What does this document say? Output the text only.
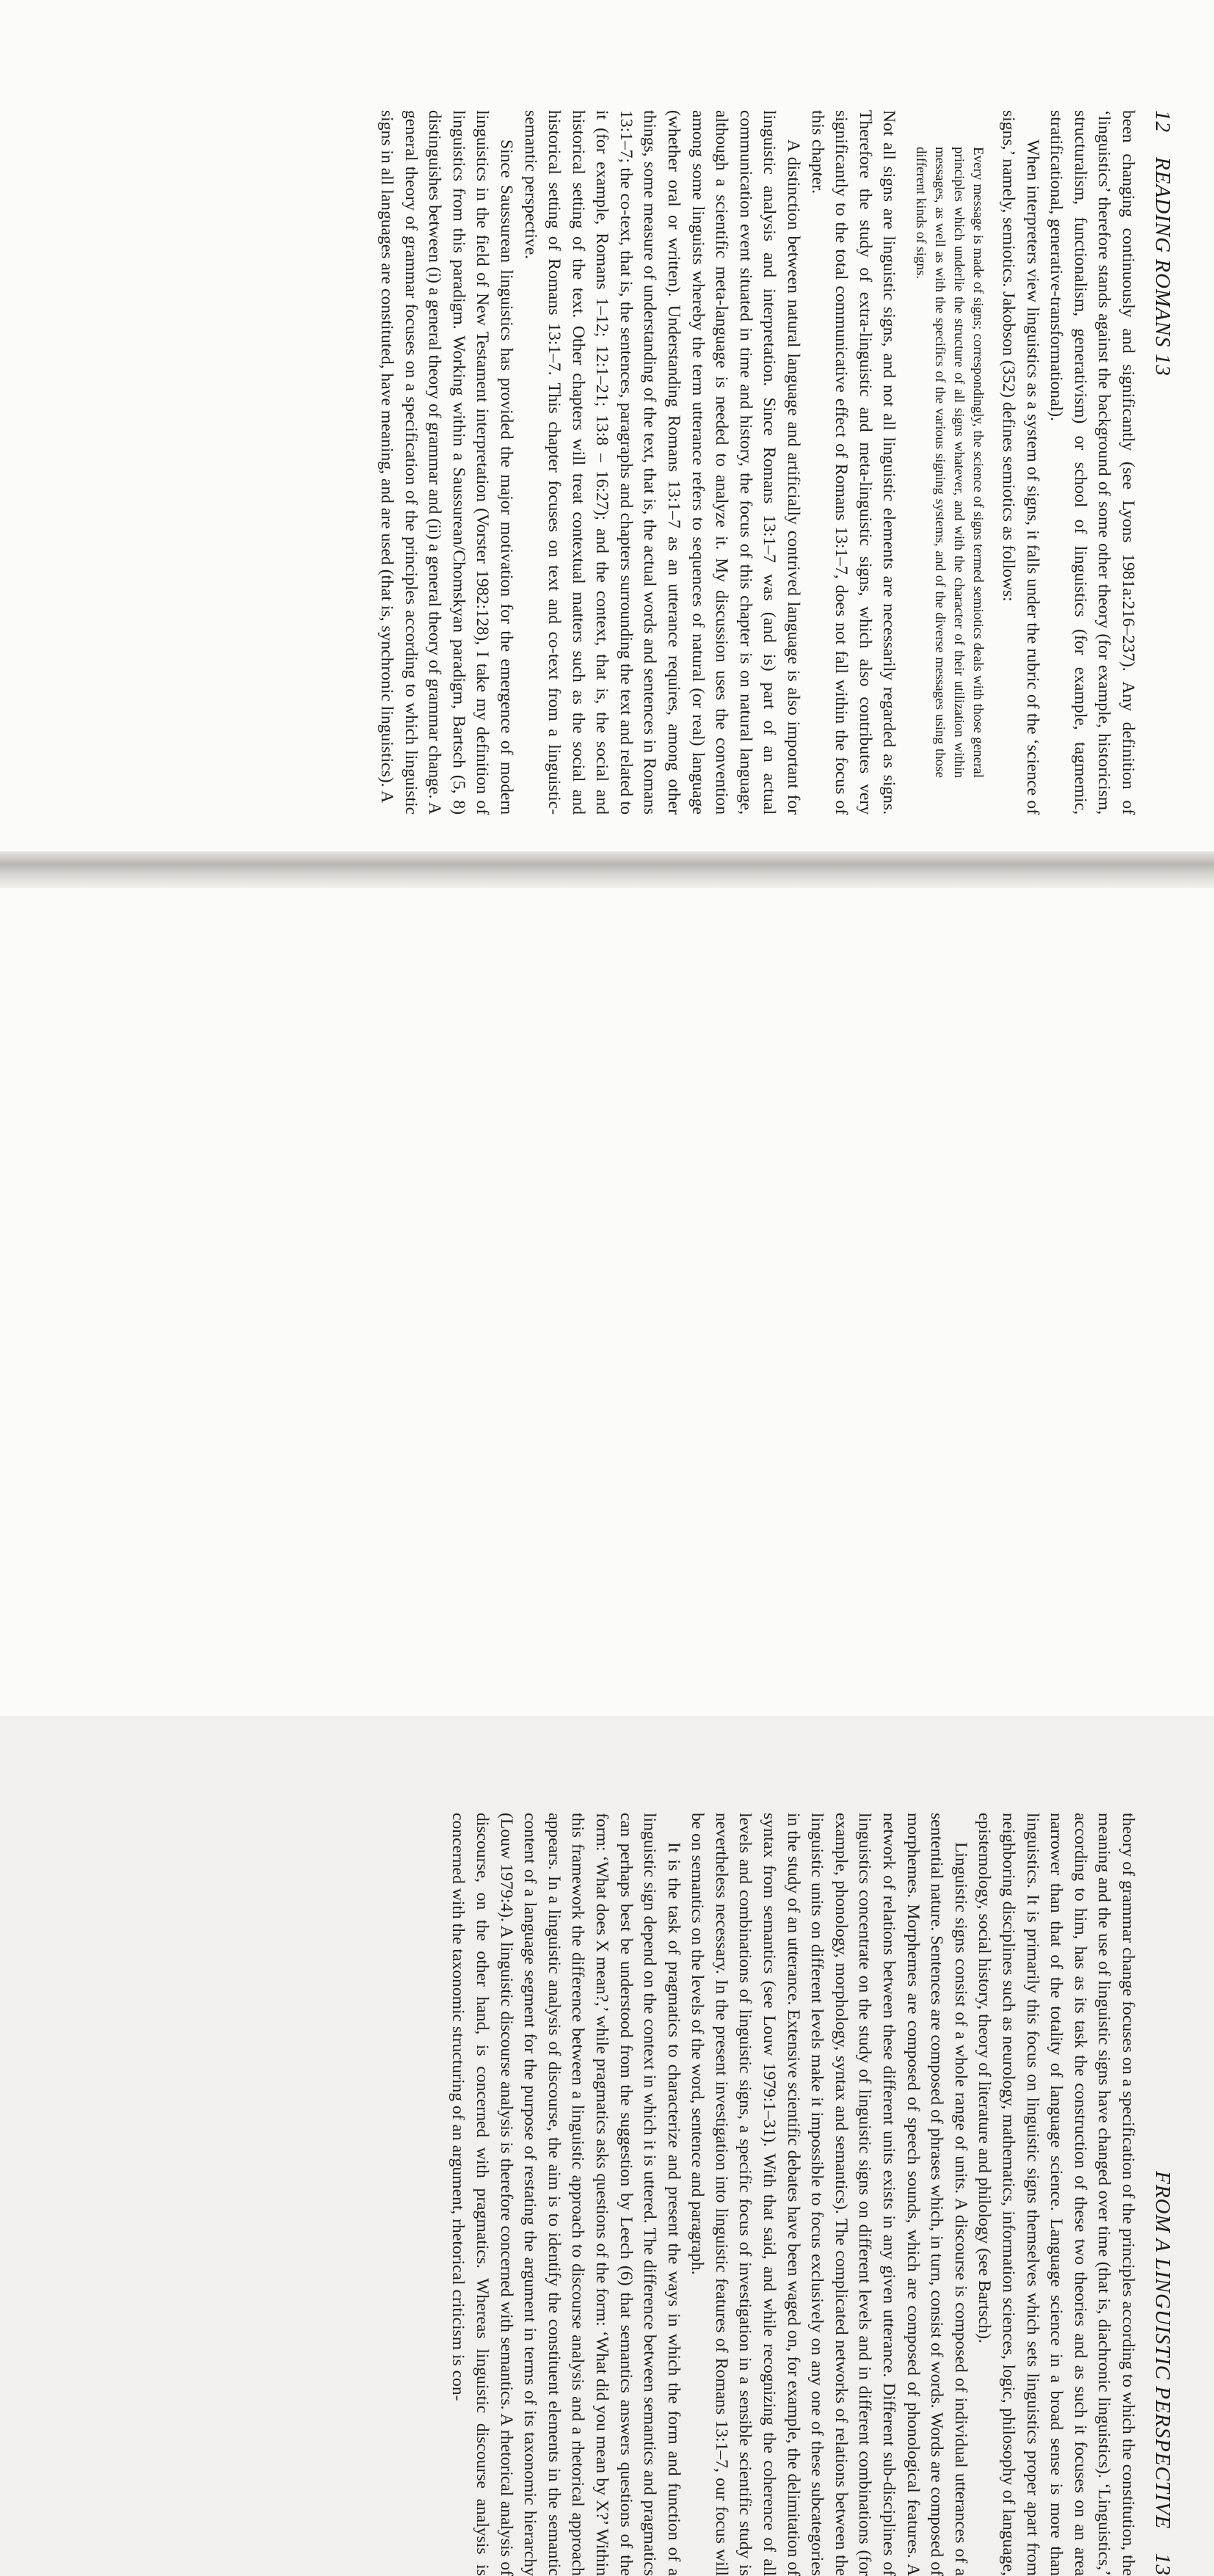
12    READING ROMANS 13

been changing continuously and significantly (see Lyons 1981a:216–237). Any definition of ‘linguistics’ therefore stands against the background of some other theory (for example, historicism, structuralism, functionalism, generativism) or school of linguistics (for example, tagmemic, stratificational, generative-transformational).

When interpreters view linguistics as a system of signs, it falls under the rubric of the ‘science of signs,’ namely, semiotics. Jakobson (352) defines semiotics as follows:

Every message is made of signs; correspondingly, the science of signs termed semiotics deals with those general principles which underlie the structure of all signs whatever, and with the character of their utilization within messages, as well as with the specifics of the various signing systems, and of the diverse messages using those different kinds of signs.

Not all signs are linguistic signs, and not all linguistic elements are necessarily regarded as signs. Therefore the study of extra-linguistic and meta-linguistic signs, which also contributes very significantly to the total communicative effect of Romans 13:1–7, does not fall within the focus of this chapter.

A distinction between natural language and artificially contrived language is also important for linguistic analysis and interpretation. Since Romans 13:1–7 was (and is) part of an actual communication event situated in time and history, the focus of this chapter is on natural language, although a scientific meta-language is needed to analyze it. My discussion uses the convention among some linguists whereby the term utterance refers to sequences of natural (or real) language (whether oral or written). Understanding Romans 13:1–7 as an utterance requires, among other things, some measure of understanding of the text, that is, the actual words and sentences in Romans 13:1–7; the co-text, that is, the sentences, paragraphs and chapters surrounding the text and related to it (for example, Romans 1–12; 12:1–21; 13:8 – 16:27); and the context, that is, the social and historical setting of the text. Other chapters will treat contextual matters such as the social and historical setting of Romans 13:1–7. This chapter focuses on text and co-text from a linguistic-semantic perspective.

Since Saussurean linguistics has provided the major motivation for the emergence of modern linguistics in the field of New Testament interpretation (Vorster 1982:128), I take my definition of linguistics from this paradigm. Working within a Saussurean/Chomskyan paradigm, Bartsch (5, 8) distinguishes between (i) a general theory of grammar and (ii) a general theory of grammar change. A general theory of grammar focuses on a specification of the principles according to which linguistic signs in all languages are constituted, have meaning, and are used (that is, synchronic linguistics). A

FROM A LINGUISTIC PERSPECTIVE    13

theory of grammar change focuses on a specification of the principles according to which the constitution, the meaning and the use of linguistic signs have changed over time (that is, diachronic linguistics). ‘Linguistics,’ according to him, has as its task the construction of these two theories and as such it focuses on an area narrower than that of the totality of language science. Language science in a broad sense is more than linguistics. It is primarily this focus on linguistic signs themselves which sets linguistics proper apart from neighboring disciplines such as neurology, mathematics, information sciences, logic, philosophy of language, epistemology, social history, theory of literature and philology (see Bartsch).

Linguistic signs consist of a whole range of units. A discourse is composed of individual utterances of a sentential nature. Sentences are composed of phrases which, in turn, consist of words. Words are composed of morphemes. Morphemes are composed of speech sounds, which are composed of phonological features. A network of relations between these different units exists in any given utterance. Different sub-disciplines of linguistics concentrate on the study of linguistic signs on different levels and in different combinations (for example, phonology, morphology, syntax and semantics). The complicated networks of relations between the linguistic units on different levels make it impossible to focus exclusively on any one of these subcategories in the study of an utterance. Extensive scientific debates have been waged on, for example, the delimitation of syntax from semantics (see Louw 1979:1–31). With that said, and while recognizing the coherence of all levels and combinations of linguistic signs, a specific focus of investigation in a sensible scientific study is nevertheless necessary. In the present investigation into linguistic features of Romans 13:1–7, our focus will be on semantics on the levels of the word, sentence and paragraph.

It is the task of pragmatics to characterize and present the ways in which the form and function of a linguistic sign depend on the context in which it is uttered. The difference between semantics and pragmatics can perhaps best be understood from the suggestion by Leech (6) that semantics answers questions of the form: ‘What does X mean?,’ while pragmatics asks questions of the form: ‘What did you mean by X?’ Within this framework the difference between a linguistic approach to discourse analysis and a rhetorical approach appears. In a linguistic analysis of discourse, the aim is to identify the constituent elements in the semantic content of a language segment for the purpose of restating the argument in terms of its taxonomic hierarchy (Louw 1979:4). A linguistic discourse analysis is therefore concerned with semantics. A rhetorical analysis of discourse, on the other hand, is concerned with pragmatics. Whereas linguistic discourse analysis is concerned with the taxonomic structuring of an argument, rhetorical criticism is con-
